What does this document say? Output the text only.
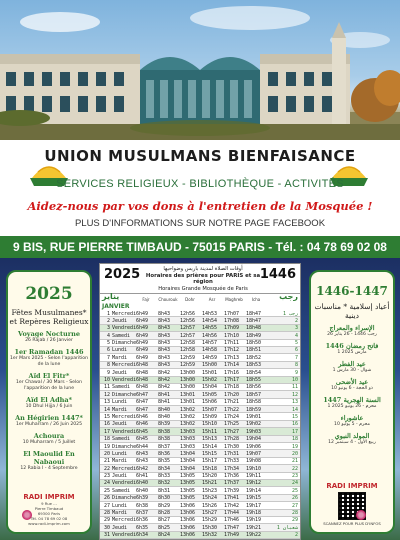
UNION MUSULMANS BIENFAISANCE
SERVICES RELIGIEUX - BIBLIOTHÈQUE - ACTIVITÉS
Aidez-nous par vos dons à l'entretien de la Mosquée !
PLUS D'INFORMATIONS SUR NOTRE PAGE FACEBOOK
9 BIS, RUE PIERRE TIMBAUD - 75015 PARIS - Tél. : 04 78 69 02 08
2025
Fêtes Musulmanes* et Repères Religieux
Voyage Nocturne
26 Rajab / 26 Janvier
1er Ramadan 1446
1er Mars 2025 - Selon l'apparition de la lune
Aïd El Fitr*
1er Chawal / 30 Mars - Selon l'apparition de la lune
Aïd El Adha*
10 Dhul Hijja / 6 Juin
An Hégirien 1447*
1er Muharram / 26 Juin 2025
Achoura
10 Muharram / 5 Juillet
El Maoulid En Nabaoui
12 Rabia I - 4 Septembre
RADI IMPRIM
9 Rue ...
Pierre Timbaud
69300 Paris
Tél. 04 78 69 02 08
www.radi-imprim.com
1446-1447
أعياد إسلامية * مناسبات دينية
الإسراء والمعراج
26 رجب 1446 - 26 يناير
فاتح رمضان 1446
1 مارس 2025
عيد الفطر
1 شوال - 30 مارس
عيد الأضحى
10 ذو الحجة - 6 يونيو
السنة الهجرية 1447
1 محرم - 26 يونيو 2025
عاشوراء
10 محرم - 5 يوليو
المولد النبوي
12 ربيع الأول - 4 سبتمبر
RADI IMPRIM
SCANNEZ POUR PLUS D'INFOS
2025	أوقات الصلاة لمدينة باريس وضواحيها
Horaires des prières pour PARIS et sa région
Horaires Grande Mosquée de Paris
1446
يناير	رجب
JANVIER
Fajr	Chourouk	Dohr	Asr	Maghreb	Icha
1 Mercredi 6h49 8h43 12h56 14h53 17h07 18h47	1 رجب
2 Jeudi 6h49 8h43 12h56 14h54 17h08 18h47	2
3 Vendredi 6h49 8h43 12h57 14h55 17h09 18h48	3
4 Samedi 6h49 8h43 12h57 14h56 17h10 18h49	4
5 Dimanche 6h49 8h43 12h58 14h57 17h11 18h50	5
6 Lundi 6h49 8h43 12h58 14h58 17h12 18h51	6
7 Mardi 6h49 8h43 12h59 14h59 17h13 18h52	7
8 Mercredi 6h48 8h43 12h59 15h00 17h14 18h53	8
9 Jeudi 6h48 8h42 13h00 15h01 17h16 18h54	9
10 Vendredi 6h48 8h42 13h00 15h02 17h17 18h55	10
11 Samedi 6h48 8h42 13h00 15h04 17h18 18h56	11
12 Dimanche 6h47 8h41 13h01 15h05 17h20 18h57	12
13 Lundi 6h47 8h41 13h01 15h06 17h21 18h58	13
14 Mardi 6h47 8h40 13h02 15h07 17h22 18h59	14
15 Mercredi 6h46 8h40 13h02 15h09 17h24 19h01	15
16 Jeudi 6h46 8h39 13h02 15h10 17h25 19h02	16
17 Vendredi 6h45 8h38 13h03 15h11 17h27 19h03	17
18 Samedi 6h45 8h38 13h03 15h13 17h28 19h04	18
19 Dimanche 6h44 8h37 13h03 15h14 17h30 19h06	19
20 Lundi 6h43 8h36 13h04 15h15 17h31 19h07	20
21 Mardi 6h43 8h35 13h04 15h17 17h33 19h08	21
22 Mercredi 6h42 8h34 13h04 15h18 17h34 19h10	22
23 Jeudi 6h41 8h33 13h05 15h20 17h36 19h11	23
24 Vendredi 6h40 8h32 13h05 15h21 17h37 19h12	24
25 Samedi 6h40 8h31 13h05 15h23 17h39 19h14	25
26 Dimanche 6h39 8h30 13h05 15h24 17h41 19h15	26
27 Lundi 6h38 8h29 13h06 15h26 17h42 19h17	27
28 Mardi 6h37 8h28 13h06 15h27 17h44 19h18	28
29 Mercredi 6h36 8h27 13h06 15h29 17h46 19h19	29
30 Jeudi 6h35 8h25 13h06 15h30 17h47 19h21	1 شعبان
31 Vendredi 6h34 8h24 13h06 15h32 17h49 19h22	2
